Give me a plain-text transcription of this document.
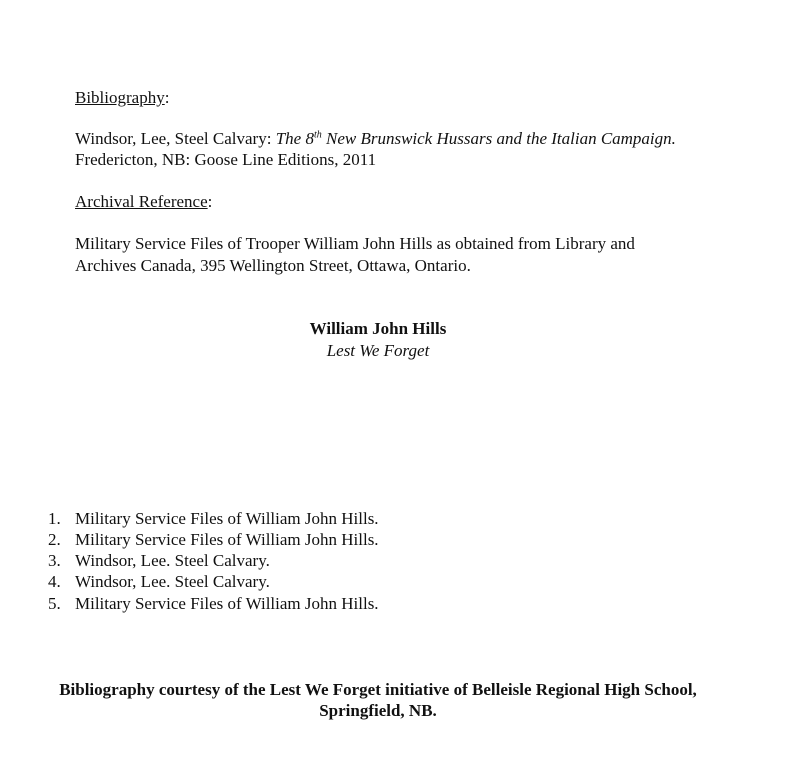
Bibliography:
Windsor, Lee, Steel Calvary: The 8th New Brunswick Hussars and the Italian Campaign.
Fredericton, NB: Goose Line Editions, 2011
Archival Reference:
Military Service Files of Trooper William John Hills as obtained from Library and
Archives Canada, 395 Wellington Street, Ottawa, Ontario.
William John Hills
Lest We Forget
1. Military Service Files of William John Hills.
2. Military Service Files of William John Hills.
3. Windsor, Lee. Steel Calvary.
4. Windsor, Lee. Steel Calvary.
5. Military Service Files of William John Hills.
Bibliography courtesy of the Lest We Forget initiative of Belleisle Regional High School,
Springfield, NB.
